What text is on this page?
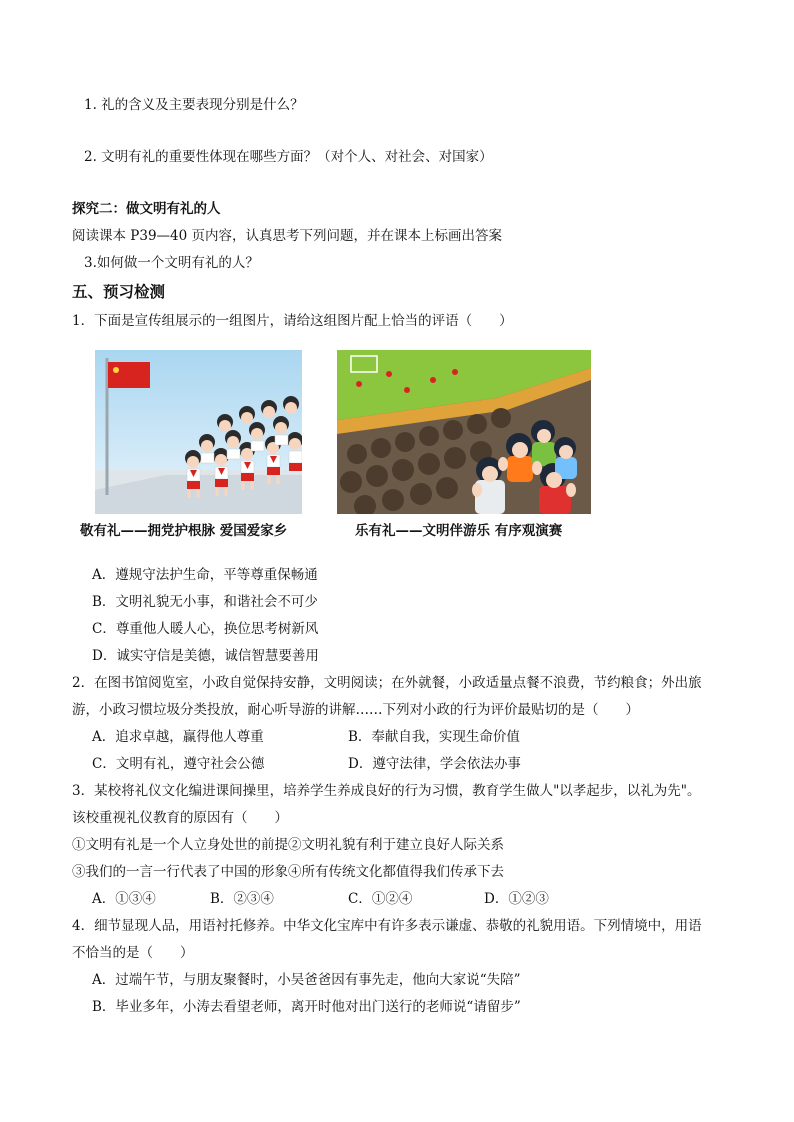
1. 礼的含义及主要表现分别是什么？
2. 文明有礼的重要性体现在哪些方面？（对个人、对社会、对国家）
探究二：做文明有礼的人
阅读课本 P39—40 页内容，认真思考下列问题，并在课本上标画出答案
3.如何做一个文明有礼的人？
五、预习检测
1．下面是宣传组展示的一组图片，请给这组图片配上恰当的评语（　　）
敬有礼——拥党护根脉 爱国爱家乡	乐有礼——文明伴游乐 有序观演赛
A．遵规守法护生命，平等尊重保畅通
B．文明礼貌无小事，和谐社会不可少
C．尊重他人暖人心，换位思考树新风
D．诚实守信是美德，诚信智慧要善用
2．在图书馆阅览室，小政自觉保持安静，文明阅读；在外就餐，小政适量点餐不浪费，节约粮食；外出旅
游，小政习惯垃圾分类投放，耐心听导游的讲解……下列对小政的行为评价最贴切的是（　　）
A．追求卓越，赢得他人尊重	B．奉献自我，实现生命价值
C．文明有礼，遵守社会公德	D．遵守法律，学会依法办事
3．某校将礼仪文化编进课间操里，培养学生养成良好的行为习惯，教育学生做人"以孝起步，以礼为先"。
该校重视礼仪教育的原因有（　　）
①文明有礼是一个人立身处世的前提②文明礼貌有利于建立良好人际关系
③我们的一言一行代表了中国的形象④所有传统文化都值得我们传承下去
A．①③④	B．②③④	C．①②④	D．①②③
4．细节显现人品，用语衬托修养。中华文化宝库中有许多表示谦虚、恭敬的礼貌用语。下列情境中，用语
不恰当的是（　　）
A．过端午节，与朋友聚餐时，小吴爸爸因有事先走，他向大家说“失陪”
B．毕业多年，小涛去看望老师，离开时他对出门送行的老师说“请留步”
